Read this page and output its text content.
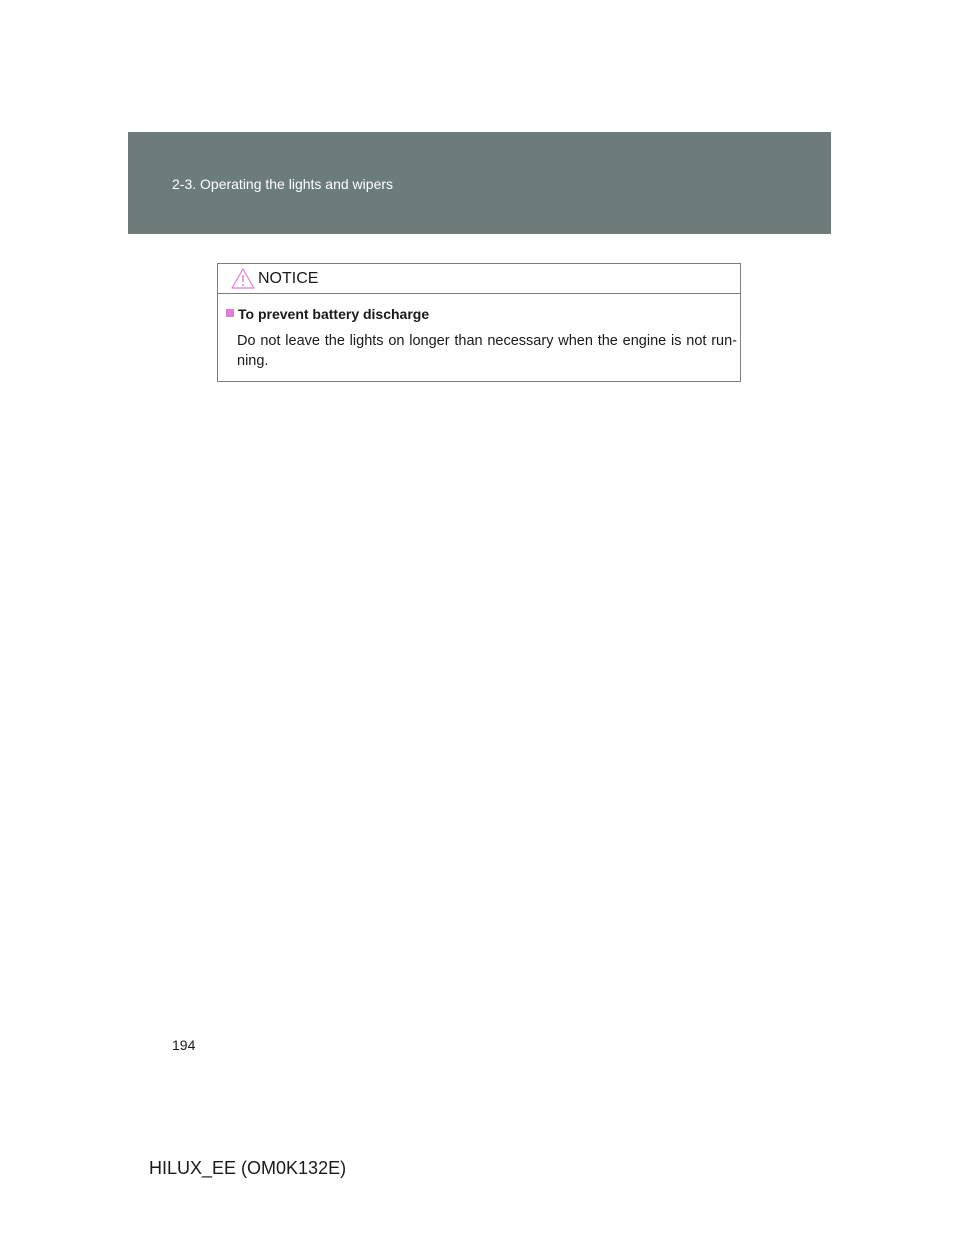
2-3. Operating the lights and wipers
NOTICE
To prevent battery discharge
Do not leave the lights on longer than necessary when the engine is not run-ning.
194
HILUX_EE (OM0K132E)
